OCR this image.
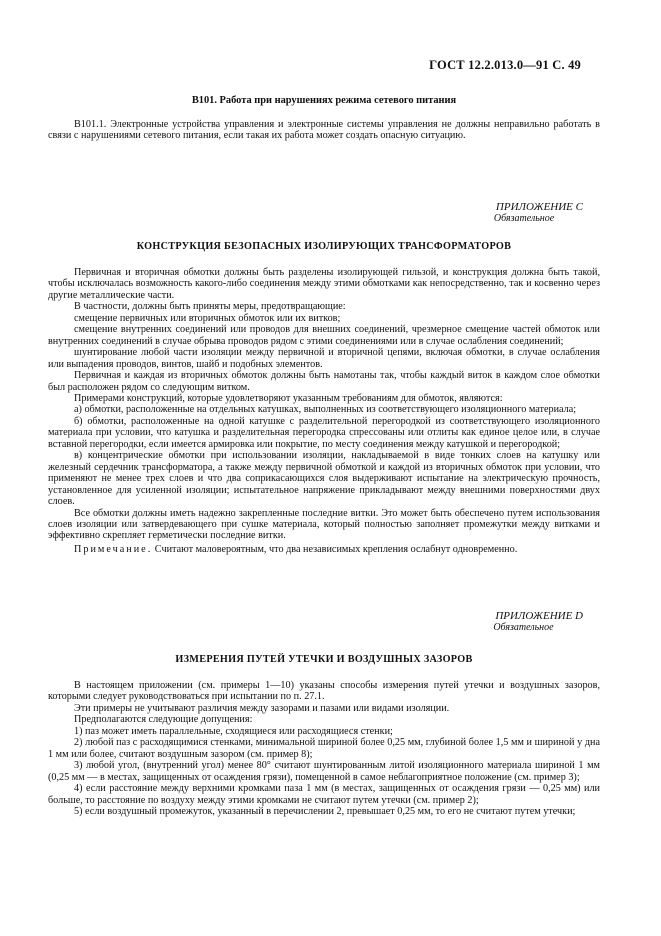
ГОСТ 12.2.013.0—91 С. 49
В101. Работа при нарушениях режима сетевого питания

В101.1. Электронные устройства управления и электронные системы управления не должны неправильно работать в связи с нарушениями сетевого питания, если такая их работа может создать опасную ситуацию.

ПРИЛОЖЕНИЕ С
Обязательное
КОНСТРУКЦИЯ БЕЗОПАСНЫХ ИЗОЛИРУЮЩИХ ТРАНСФОРМАТОРОВ

Первичная и вторичная обмотки должны быть разделены изолирующей гильзой, и конструкция должна быть такой, чтобы исключалась возможность какого-либо соединения между этими обмотками как непосредственно, так и косвенно через другие металлические части.

В частности, должны быть приняты меры, предотвращающие:

смещение первичных или вторичных обмоток или их витков;

смещение внутренних соединений или проводов для внешних соединений, чрезмерное смещение частей обмоток или внутренних соединений в случае обрыва проводов рядом с этими соединениями или в случае ослабления соединений;

шунтирование любой части изоляции между первичной и вторичной цепями, включая обмотки, в случае ослабления или выпадения проводов, винтов, шайб и подобных элементов.

Первичная и каждая из вторичных обмоток должны быть намотаны так, чтобы каждый виток в каждом слое обмотки был расположен рядом со следующим витком.

Примерами конструкций, которые удовлетворяют указанным требованиям для обмоток, являются:

а) обмотки, расположенные на отдельных катушках, выполненных из соответствующего изоляционного материала;

б) обмотки, расположенные на одной катушке с разделительной перегородкой из соответствующего изоляционного материала при условии, что катушка и разделительная перегородка спрессованы или отлиты как единое целое или, в случае вставной перегородки, если имеется армировка или покрытие, по месту соединения между катушкой и перегородкой;

в) концентрические обмотки при использовании изоляции, накладываемой в виде тонких слоев на катушку или железный сердечник трансформатора, а также между первичной обмоткой и каждой из вторичных обмоток при условии, что применяют не менее трех слоев и что два соприкасающихся слоя выдерживают испытание на электрическую прочность, установленное для усиленной изоляции; испытательное напряжение прикладывают между внешними поверхностями двух слоев.

Все обмотки должны иметь надежно закрепленные последние витки. Это может быть обеспечено путем использования слоев изоляции или затвердевающего при сушке материала, который полностью заполняет промежутки между витками и эффективно скрепляет герметически последние витки.

Примечание. Считают маловероятным, что два независимых крепления ослабнут одновременно.

ПРИЛОЖЕНИЕ D
Обязательное
ИЗМЕРЕНИЯ ПУТЕЙ УТЕЧКИ И ВОЗДУШНЫХ ЗАЗОРОВ

В настоящем приложении (см. примеры 1—10) указаны способы измерения путей утечки и воздушных зазоров, которыми следует руководствоваться при испытании по п. 27.1.

Эти примеры не учитывают различия между зазорами и пазами или видами изоляции.

Предполагаются следующие допущения:

1) паз может иметь параллельные, сходящиеся или расходящиеся стенки;

2) любой паз с расходящимися стенками, минимальной шириной более 0,25 мм, глубиной более 1,5 мм и шириной у дна 1 мм или более, считают воздушным зазором (см. пример 8);

3) любой угол, (внутренний угол) менее 80° считают шунтированным литой изоляционного материала шириной 1 мм (0,25 мм — в местах, защищенных от осаждения грязи), помещенной в самое неблагоприятное положение (см. пример 3);

4) если расстояние между верхними кромками паза 1 мм (в местах, защищенных от осаждения грязи — 0,25 мм) или больше, то расстояние по воздуху между этими кромками не считают путем утечки (см. пример 2);

5) если воздушный промежуток, указанный в перечислении 2, превышает 0,25 мм, то его не считают путем утечки;
